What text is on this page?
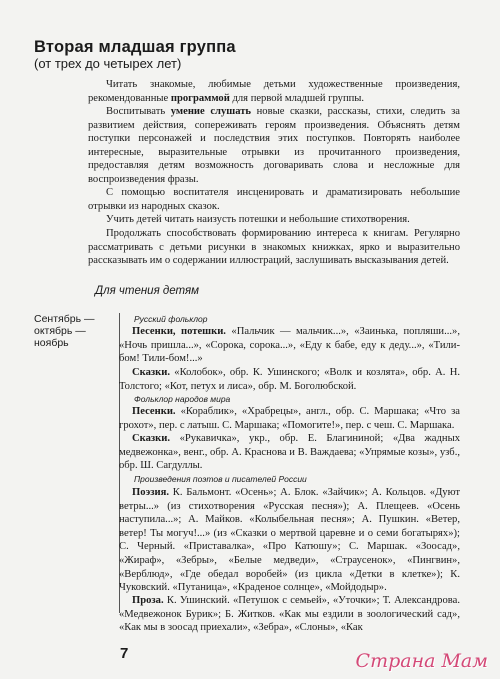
Вторая младшая группа
(от трех до четырех лет)
Читать знакомые, любимые детьми художественные произведения, рекомендованные программой для первой младшей группы.
Воспитывать умение слушать новые сказки, рассказы, стихи, следить за развитием действия, сопереживать героям произведения. Объяснять детям поступки персонажей и последствия этих поступков. Повторять наиболее интересные, выразительные отрывки из прочитанного произведения, предоставляя детям возможность договаривать слова и несложные для воспроизведения фразы.
С помощью воспитателя инсценировать и драматизировать небольшие отрывки из народных сказок.
Учить детей читать наизусть потешки и небольшие стихотворения.
Продолжать способствовать формированию интереса к книгам. Регулярно рассматривать с детьми рисунки в знакомых книжках, ярко и выразительно рассказывать им о содержании иллюстраций, заслушивать высказывания детей.
Для чтения детям
Сентябрь —
октябрь —
ноябрь
Русский фольклор
Песенки, потешки. «Пальчик — мальчик...», «Заинька, попляши...», «Ночь пришла...», «Сорока, сорока...», «Еду к бабе, еду к деду...», «Тили-бом! Тили-бом!...»
Сказки. «Колобок», обр. К. Ушинского; «Волк и козлята», обр. А. Н. Толстого; «Кот, петух и лиса», обр. М. Боголюбской.
Фольклор народов мира
Песенки. «Кораблик», «Храбрецы», англ., обр. С. Маршака; «Что за грохот», пер. с латыш. С. Маршака; «Помогите!», пер. с чеш. С. Маршака.
Сказки. «Рукавичка», укр., обр. Е. Благининой; «Два жадных медвежонка», венг., обр. А. Краснова и В. Важдаева; «Упрямые козы», узб., обр. Ш. Сагдуллы.
Произведения поэтов и писателей России
Поэзия. К. Бальмонт. «Осень»; А. Блок. «Зайчик»; А. Кольцов. «Дуют ветры...» (из стихотворения «Русская песня»); А. Плещеев. «Осень наступила...»; А. Майков. «Колыбельная песня»; А. Пушкин. «Ветер, ветер! Ты могуч!...» (из «Сказки о мертвой царевне и о семи богатырях»); С. Черный. «Приставалка», «Про Катюшу»; С. Маршак. «Зоосад», «Жираф», «Зебры», «Белые медведи», «Страусенок», «Пингвин», «Верблюд», «Где обедал воробей» (из цикла «Детки в клетке»); К. Чуковский. «Путаница», «Краденое солнце», «Мойдодыр».
Проза. К. Ушинский. «Петушок с семьей», «Уточки»; Т. Александрова. «Медвежонок Бурик»; Б. Житков. «Как мы ездили в зоологический сад», «Как мы в зоосад приехали», «Зебра», «Слоны», «Как
7	Страна Мам
